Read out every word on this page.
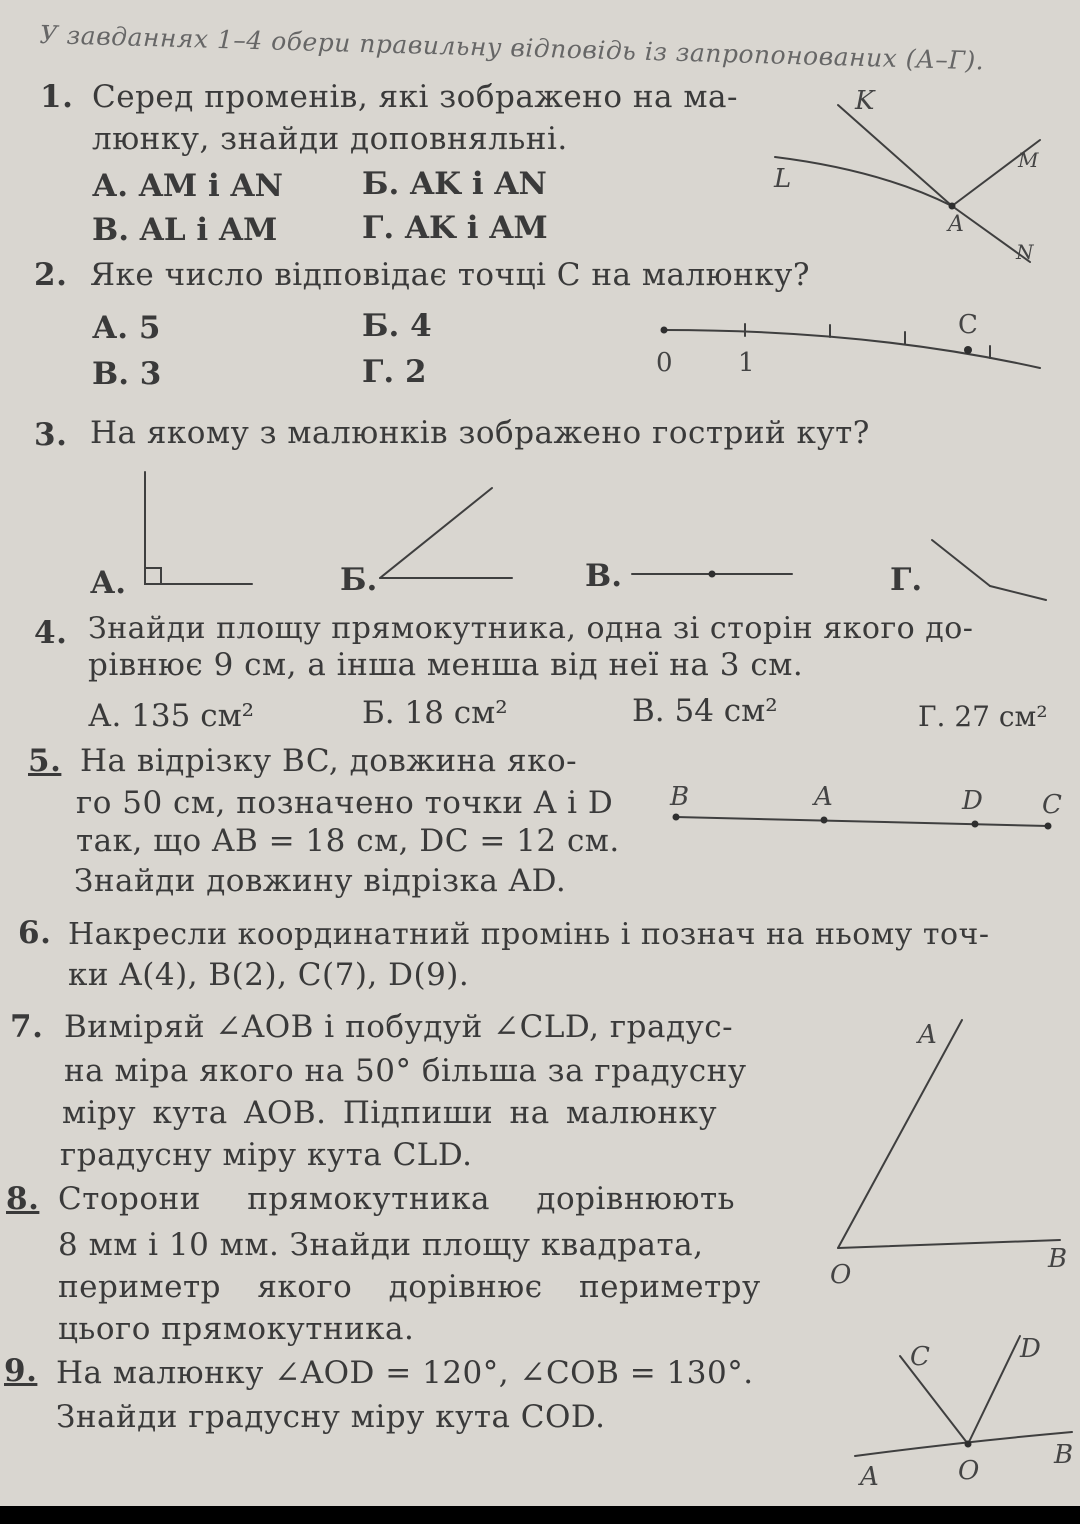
У завданнях 1–4 обери правильну відповідь із запропонованих (А–Г).
1. Серед променів, які зображено на ма-
люнку, знайди доповняльні.
А. AM і AN	Б. AK і AN
В. AL і AM	Г. AK і AM
2. Яке число відповідає точці C на малюнку?
А. 5	Б. 4
В. 3	Г. 2
3. На якому з малюнків зображено гострий кут?
А.	Б.	В.	Г.
4. Знайди площу прямокутника, одна зі сторін якого до-
рівнює 9 см, а інша менша від неї на 3 см.
А. 135 см²	Б. 18 см²	В. 54 см²	Г. 27 см²
5. На відрізку BC, довжина яко-
го 50 см, позначено точки A і D
так, що AB = 18 см, DC = 12 см.
Знайди довжину відрізка AD.
6. Накресли координатний промінь і познач на ньому точ-
ки A(4), B(2), C(7), D(9).
7. Виміряй ∠AOB і побудуй ∠CLD, градус-
на міра якого на 50° більша за градусну
міру кута AOB. Підпиши на малюнку
градусну міру кута CLD.
8. Сторони прямокутника дорівнюють
8 мм і 10 мм. Знайди площу квадрата,
периметр якого дорівнює периметру
цього прямокутника.
9. На малюнку ∠AOD = 120°, ∠COB = 130°.
Знайди градусну міру кута COD.
K
M
L
A
N
0	1
C
B	A	D C
A
O
B
C	D
A	O
B
